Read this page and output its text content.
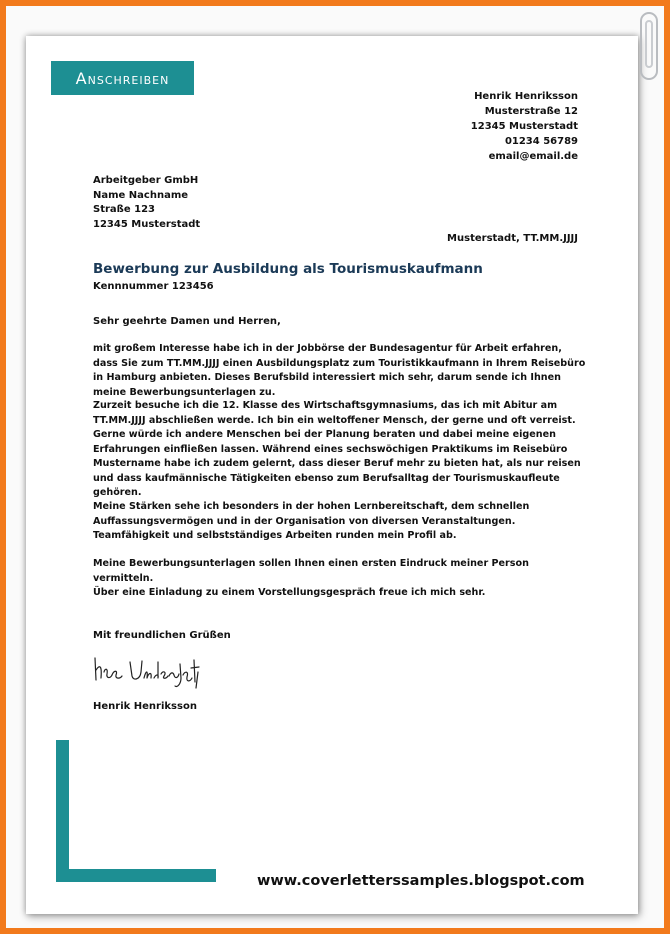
Anschreiben
Henrik Henriksson
Musterstraße 12
12345 Musterstadt
01234 56789
email@email.de
Arbeitgeber GmbH
Name Nachname
Straße 123
12345 Musterstadt
Musterstadt, TT.MM.JJJJ
Bewerbung zur Ausbildung als Tourismuskaufmann
Kennnummer 123456
Sehr geehrte Damen und Herren,
mit großem Interesse habe ich in der Jobbörse der Bundesagentur für Arbeit erfahren, dass Sie zum TT.MM.JJJJ einen Ausbildungsplatz zum Touristikkaufmann in Ihrem Reisebüro in Hamburg anbieten. Dieses Berufsbild interessiert mich sehr, darum sende ich Ihnen meine Bewerbungsunterlagen zu.
Zurzeit besuche ich die 12. Klasse des Wirtschaftsgymnasiums, das ich mit Abitur am TT.MM.JJJJ abschließen werde. Ich bin ein weltoffener Mensch, der gerne und oft verreist. Gerne würde ich andere Menschen bei der Planung beraten und dabei meine eigenen Erfahrungen einfließen lassen. Während eines sechswöchigen Praktikums im Reisebüro Mustername habe ich zudem gelernt, dass dieser Beruf mehr zu bieten hat, als nur reisen und dass kaufmännische Tätigkeiten ebenso zum Berufsalltag der Tourismuskaufleute gehören.
Meine Stärken sehe ich besonders in der hohen Lernbereitschaft, dem schnellen Auffassungsvermögen und in der Organisation von diversen Veranstaltungen. Teamfähigkeit und selbstständiges Arbeiten runden mein Profil ab.
Meine Bewerbungsunterlagen sollen Ihnen einen ersten Eindruck meiner Person vermitteln.
Über eine Einladung zu einem Vorstellungsgespräch freue ich mich sehr.
Mit freundlichen Grüßen
Henrik Henriksson
www.coverletterssamples.blogspot.com
